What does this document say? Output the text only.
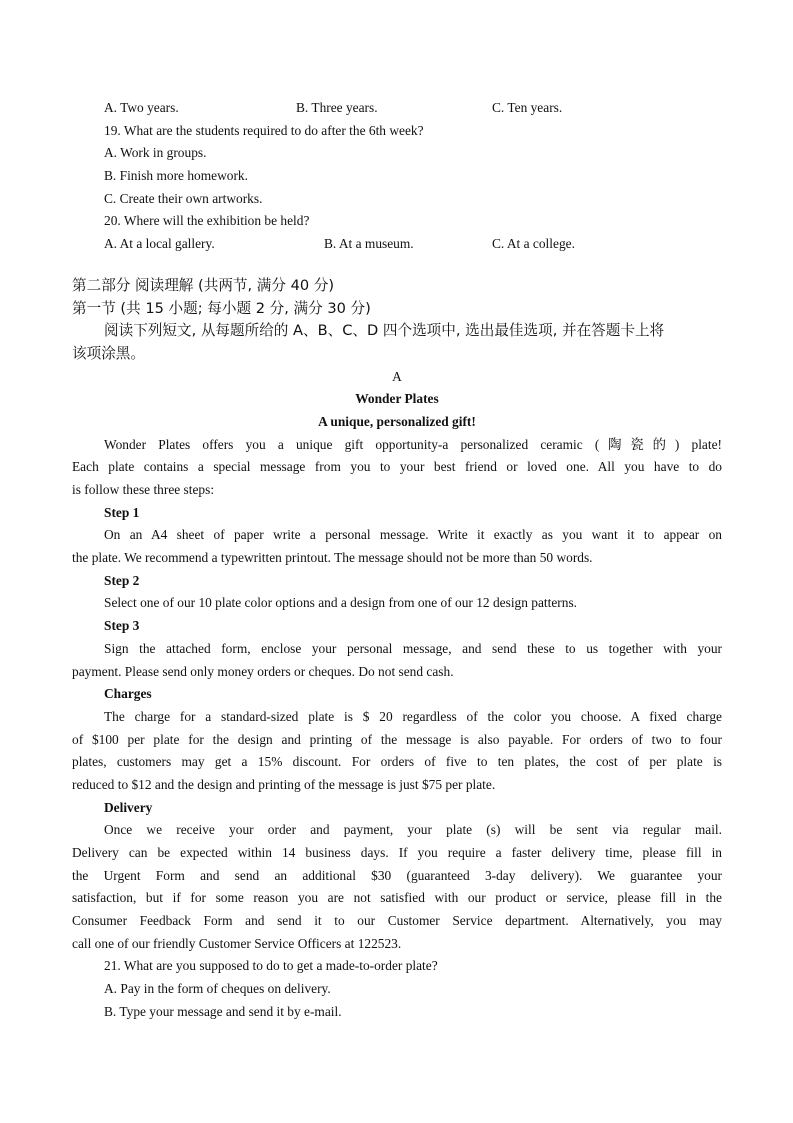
A. Two years.	B. Three years.	C. Ten years.
19. What are the students required to do after the 6th week?
A. Work in groups.
B. Finish more homework.
C. Create their own artworks.
20. Where will the exhibition be held?
A. At a local gallery.	B. At a museum.	C. At a college.
第二部分 阅读理解 (共两节, 满分 40 分)
第一节 (共 15 小题; 每小题 2 分, 满分 30 分)
阅读下列短文, 从每题所给的 A、B、C、D 四个选项中, 选出最佳选项, 并在答题卡上将
该项涂黑。
A
Wonder Plates
A unique, personalized gift!
Wonder Plates offers you a unique gift opportunity-a personalized ceramic (陶瓷的) plate!
Each plate contains a special message from you to your best friend or loved one. All you have to do
is follow these three steps:
Step 1
On an A4 sheet of paper write a personal message. Write it exactly as you want it to appear on
the plate. We recommend a typewritten printout. The message should not be more than 50 words.
Step 2
Select one of our 10 plate color options and a design from one of our 12 design patterns.
Step 3
Sign the attached form, enclose your personal message, and send these to us together with your
payment. Please send only money orders or cheques. Do not send cash.
Charges
The charge for a standard-sized plate is $ 20 regardless of the color you choose. A fixed charge
of $100 per plate for the design and printing of the message is also payable. For orders of two to four
plates, customers may get a 15% discount. For orders of five to ten plates, the cost of per plate is
reduced to $12 and the design and printing of the message is just $75 per plate.
Delivery
Once we receive your order and payment, your plate (s) will be sent via regular mail.
Delivery can be expected within 14 business days. If you require a faster delivery time, please fill in
the Urgent Form and send an additional $30 (guaranteed 3-day delivery). We guarantee your
satisfaction, but if for some reason you are not satisfied with our product or service, please fill in the
Consumer Feedback Form and send it to our Customer Service department. Alternatively, you may
call one of our friendly Customer Service Officers at 122523.
21. What are you supposed to do to get a made-to-order plate?
A. Pay in the form of cheques on delivery.
B. Type your message and send it by e-mail.
